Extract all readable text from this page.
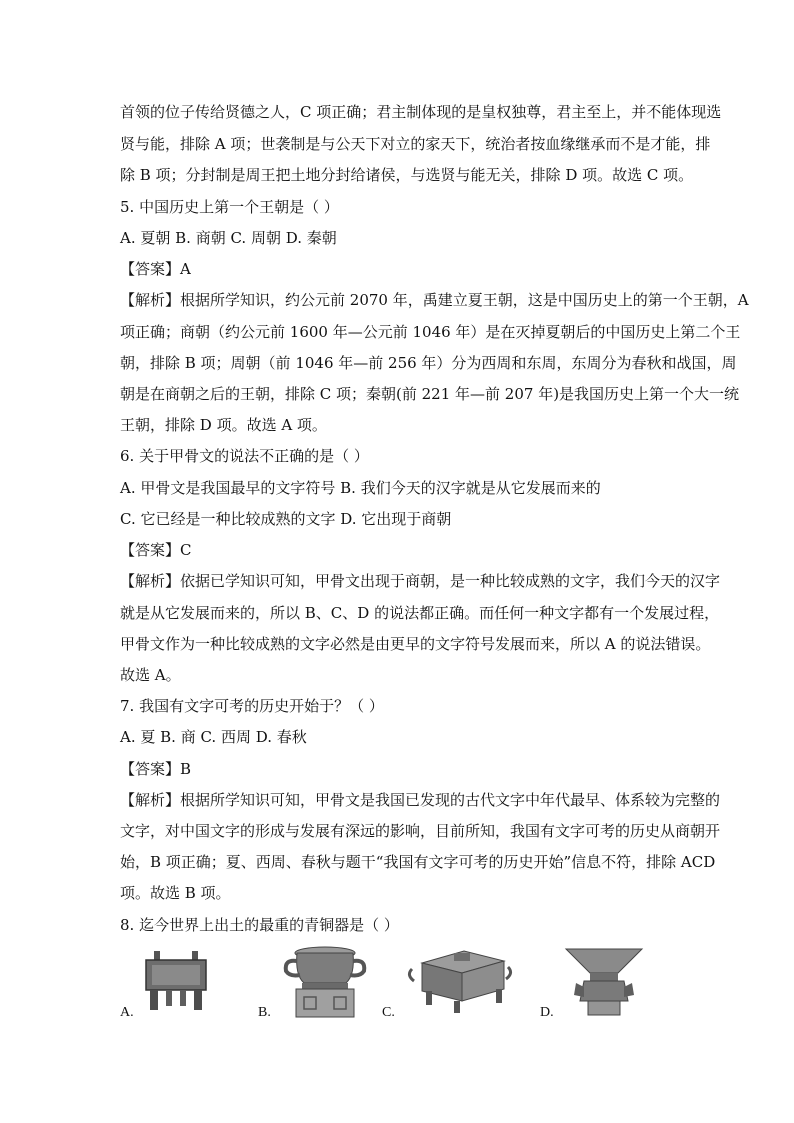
首领的位子传给贤德之人，C 项正确；君主制体现的是皇权独尊，君主至上，并不能体现选
贤与能，排除 A 项；世袭制是与公天下对立的家天下，统治者按血缘继承而不是才能，排
除 B 项；分封制是周王把土地分封给诸侯，与选贤与能无关，排除 D 项。故选 C 项。
5. 中国历史上第一个王朝是（ ）
A. 夏朝 B. 商朝 C. 周朝 D. 秦朝
【答案】A
【解析】根据所学知识，约公元前 2070 年，禹建立夏王朝，这是中国历史上的第一个王朝，A
项正确；商朝（约公元前 1600 年—公元前 1046 年）是在灭掉夏朝后的中国历史上第二个王
朝，排除 B 项；周朝（前 1046 年—前 256 年）分为西周和东周，东周分为春秋和战国，周
朝是在商朝之后的王朝，排除 C 项；秦朝(前 221 年—前 207 年)是我国历史上第一个大一统
王朝，排除 D 项。故选 A 项。
6. 关于甲骨文的说法不正确的是（ ）
A. 甲骨文是我国最早的文字符号 B. 我们今天的汉字就是从它发展而来的
C. 它已经是一种比较成熟的文字 D. 它出现于商朝
【答案】C
【解析】依据已学知识可知，甲骨文出现于商朝，是一种比较成熟的文字，我们今天的汉字
就是从它发展而来的，所以 B、C、D 的说法都正确。而任何一种文字都有一个发展过程，
甲骨文作为一种比较成熟的文字必然是由更早的文字符号发展而来，所以 A 的说法错误。
故选 A。
7. 我国有文字可考的历史开始于？（ ）
A. 夏 B. 商 C. 西周 D. 春秋
【答案】B
【解析】根据所学知识可知，甲骨文是我国已发现的古代文字中年代最早、体系较为完整的
文字，对中国文字的形成与发展有深远的影响，目前所知，我国有文字可考的历史从商朝开
始，B 项正确；夏、西周、春秋与题干“我国有文字可考的历史开始”信息不符，排除 ACD
项。故选 B 项。
8. 迄今世界上出土的最重的青铜器是（ ）
A.	B.	C.	D.
